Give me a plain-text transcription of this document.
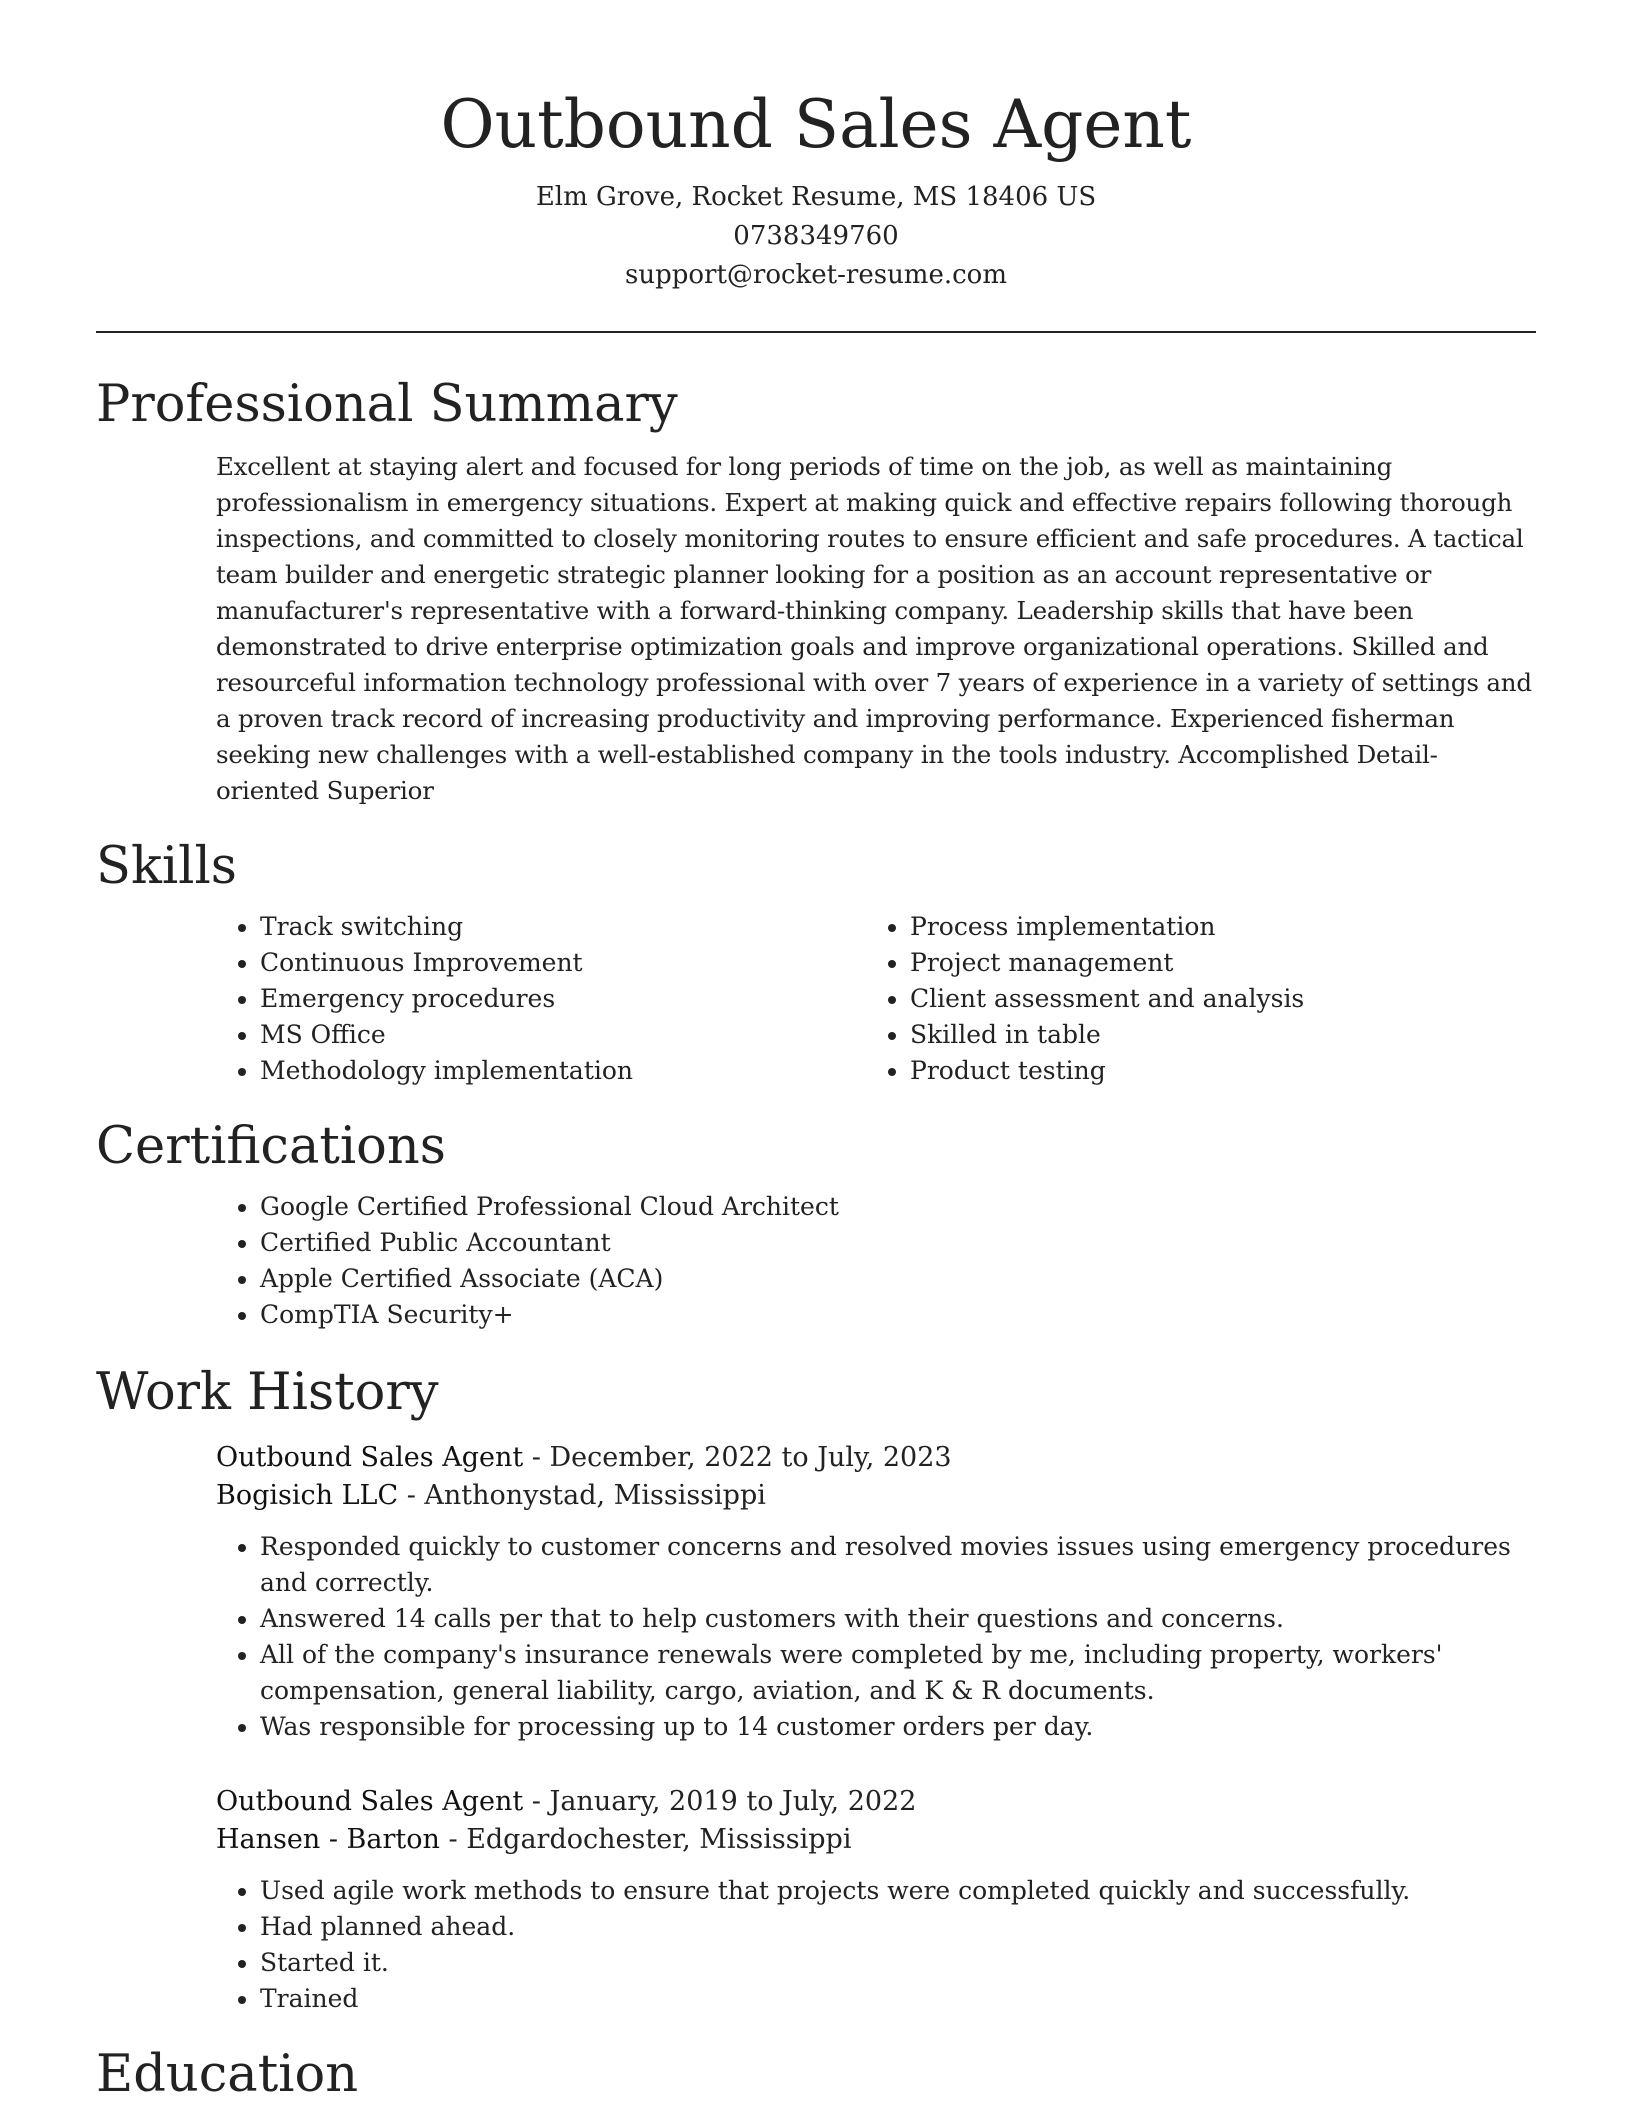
Outbound Sales Agent
Elm Grove, Rocket Resume, MS 18406 US
0738349760
support@rocket-resume.com
Professional Summary

Excellent at staying alert and focused for long periods of time on the job, as well as maintaining professionalism in emergency situations. Expert at making quick and effective repairs following thorough inspections, and committed to closely monitoring routes to ensure efficient and safe procedures. A tactical team builder and energetic strategic planner looking for a position as an account representative or manufacturer's representative with a forward-thinking company. Leadership skills that have been demonstrated to drive enterprise optimization goals and improve organizational operations. Skilled and resourceful information technology professional with over 7 years of experience in a variety of settings and a proven track record of increasing productivity and improving performance. Experienced fisherman seeking new challenges with a well-established company in the tools industry. Accomplished Detail-oriented Superior

Skills
• Track switching
• Continuous Improvement
• Emergency procedures
• MS Office
• Methodology implementation
• Process implementation
• Project management
• Client assessment and analysis
• Skilled in table
• Product testing
Certifications
• Google Certified Professional Cloud Architect
• Certified Public Accountant
• Apple Certified Associate (ACA)
• CompTIA Security+
Work History
Outbound Sales Agent - December, 2022 to July, 2023
Bogisich LLC - Anthonystad, Mississippi
• Responded quickly to customer concerns and resolved movies issues using emergency procedures and correctly.
• Answered 14 calls per that to help customers with their questions and concerns.
• All of the company's insurance renewals were completed by me, including property, workers' compensation, general liability, cargo, aviation, and K & R documents.
• Was responsible for processing up to 14 customer orders per day.
Outbound Sales Agent - January, 2019 to July, 2022
Hansen - Barton - Edgardochester, Mississippi
• Used agile work methods to ensure that projects were completed quickly and successfully.
• Had planned ahead.
• Started it.
• Trained
Education
